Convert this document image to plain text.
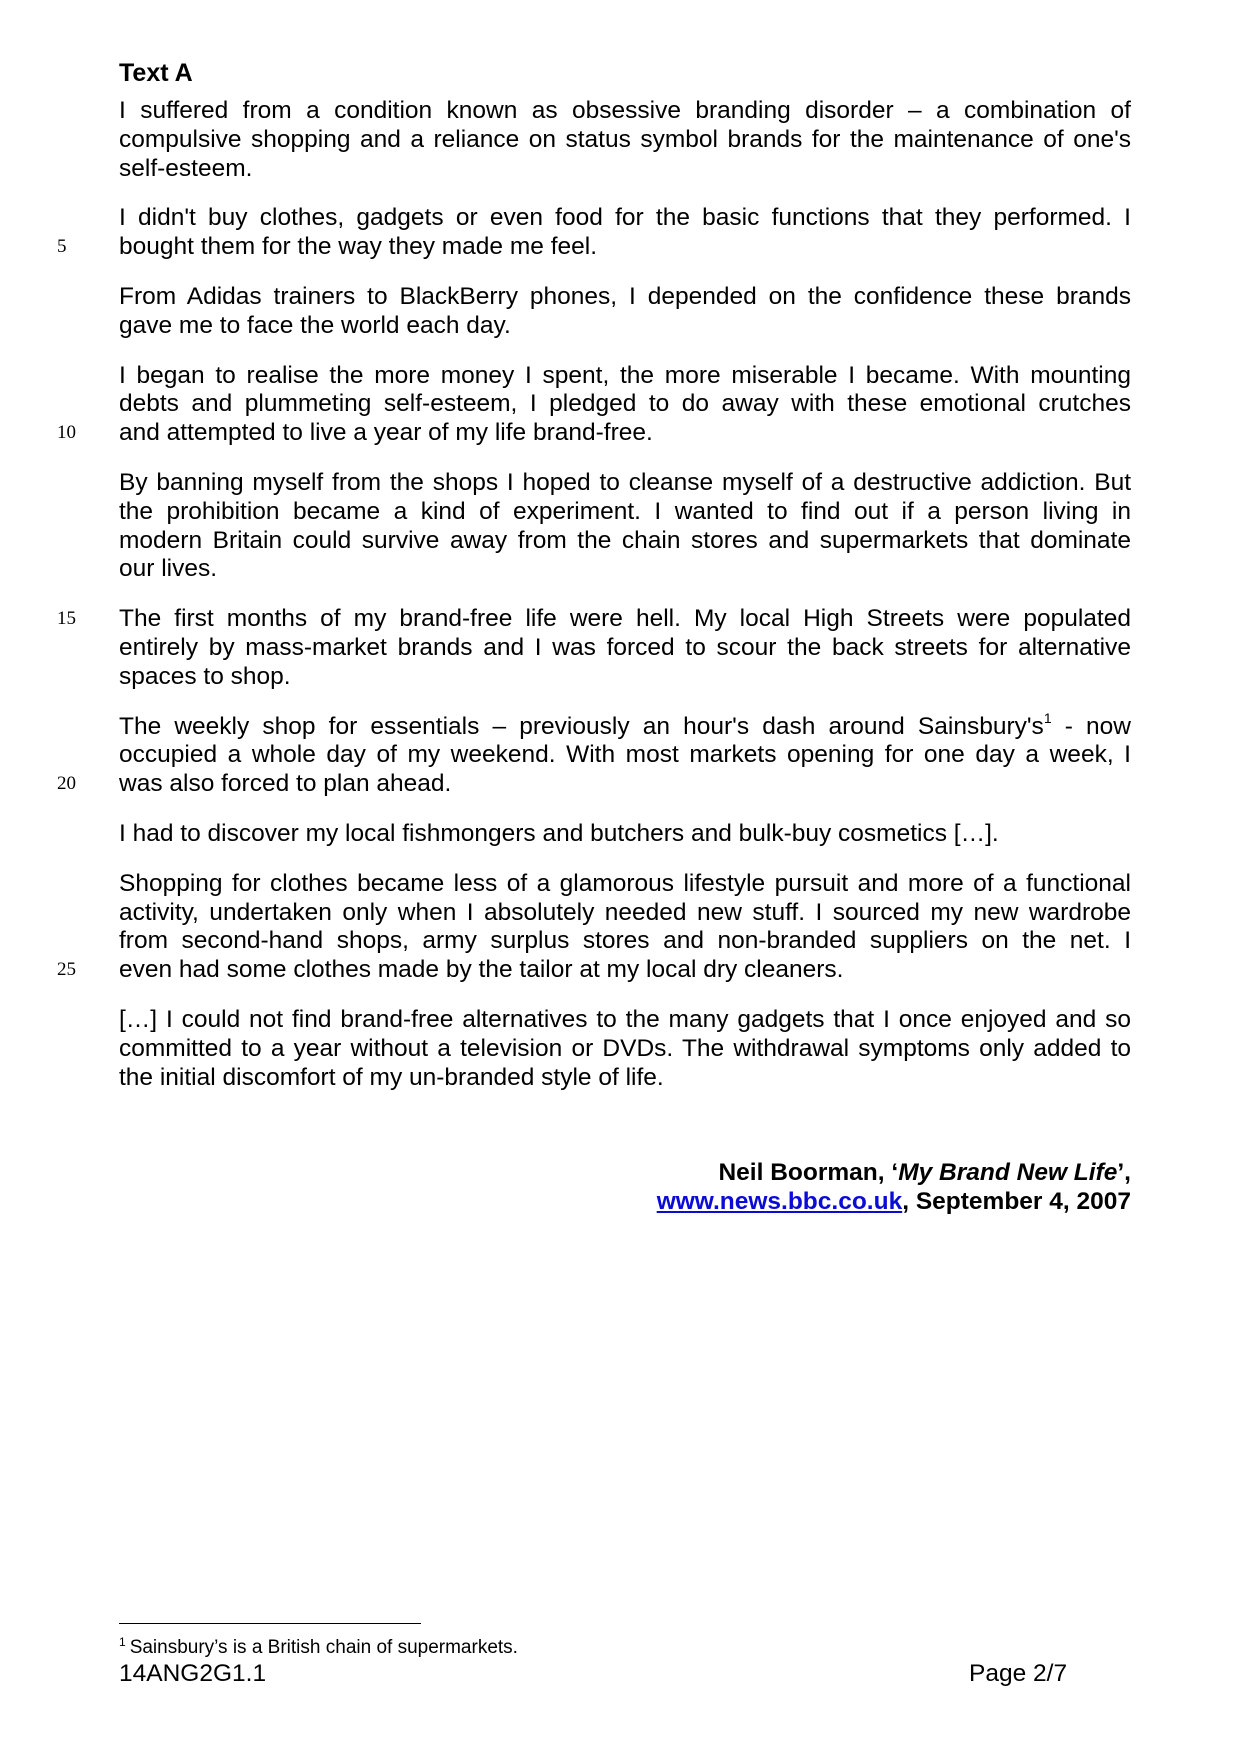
Text A

I suffered from a condition known as obsessive branding disorder – a combination of
compulsive shopping and a reliance on status symbol brands for the maintenance of one's
self-esteem.

I didn't buy clothes, gadgets or even food for the basic functions that they performed. I
5	bought them for the way they made me feel.

From Adidas trainers to BlackBerry phones, I depended on the confidence these brands
gave me to face the world each day.

I began to realise the more money I spent, the more miserable I became. With mounting
debts and plummeting self-esteem, I pledged to do away with these emotional crutches
10	and attempted to live a year of my life brand-free.

By banning myself from the shops I hoped to cleanse myself of a destructive addiction. But
the prohibition became a kind of experiment. I wanted to find out if a person living in
modern Britain could survive away from the chain stores and supermarkets that dominate
our lives.

15	The first months of my brand-free life were hell. My local High Streets were populated
entirely by mass-market brands and I was forced to scour the back streets for alternative
spaces to shop.

The weekly shop for essentials – previously an hour's dash around Sainsbury's$^1$ - now
occupied a whole day of my weekend. With most markets opening for one day a week, I
20	was also forced to plan ahead.

I had to discover my local fishmongers and butchers and bulk-buy cosmetics […].

Shopping for clothes became less of a glamorous lifestyle pursuit and more of a functional
activity, undertaken only when I absolutely needed new stuff. I sourced my new wardrobe
from second-hand shops, army surplus stores and non-branded suppliers on the net. I
25	even had some clothes made by the tailor at my local dry cleaners.

[…] I could not find brand-free alternatives to the many gadgets that I once enjoyed and so
committed to a year without a television or DVDs. The withdrawal symptoms only added to
the initial discomfort of my un-branded style of life.

Neil Boorman, ‘My Brand New Life’,
www.news.bbc.co.uk, September 4, 2007
$^1$ Sainsbury’s is a British chain of supermarkets.
14ANG2G1.1	Page 2/7
